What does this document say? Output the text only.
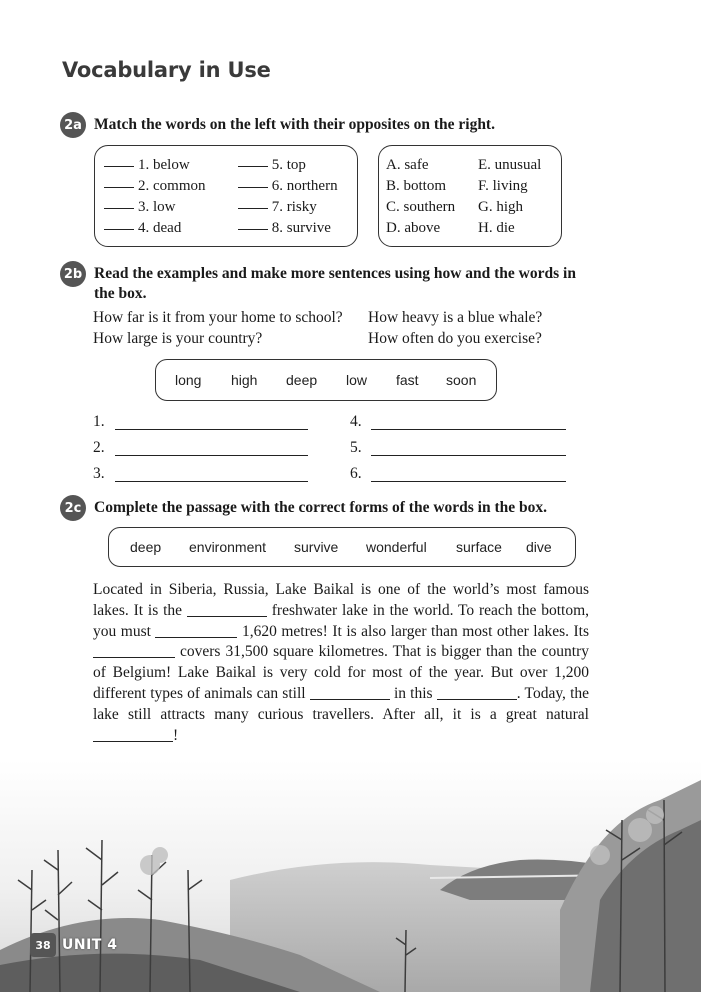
Vocabulary in Use
2a Match the words on the left with their opposites on the right.
1. below	5. top
2. common	6. northern
3. low	7. risky
4. dead	8. survive
A. safe	E. unusual
B. bottom F. living
C. southern G. high
D. above	H. die
2b Read the examples and make more sentences using how and the words in
the box.
How far is it from your home to school? How heavy is a blue whale?
How large is your country?	How often do you exercise?
long high deep low fast soon
1.
2.
3.
4.
5.
6.
2c Complete the passage with the correct forms of the words in the box.
deep environment survive wonderful surface dive

Located in Siberia, Russia, Lake Baikal is one of the world’s most famous lakes. It is the	freshwater lake in the world. To reach the bottom, you must	1,620 metres! It is also larger than most other lakes. Its  covers 31,500 square kilometres. That is bigger than the country of Belgium! Lake Baikal is very cold for most of the year. But over 1,200 different types of animals can still	in this	. Today, the lake still attracts many curious travellers. After all, it is a great natural !

38 UNIT 4
